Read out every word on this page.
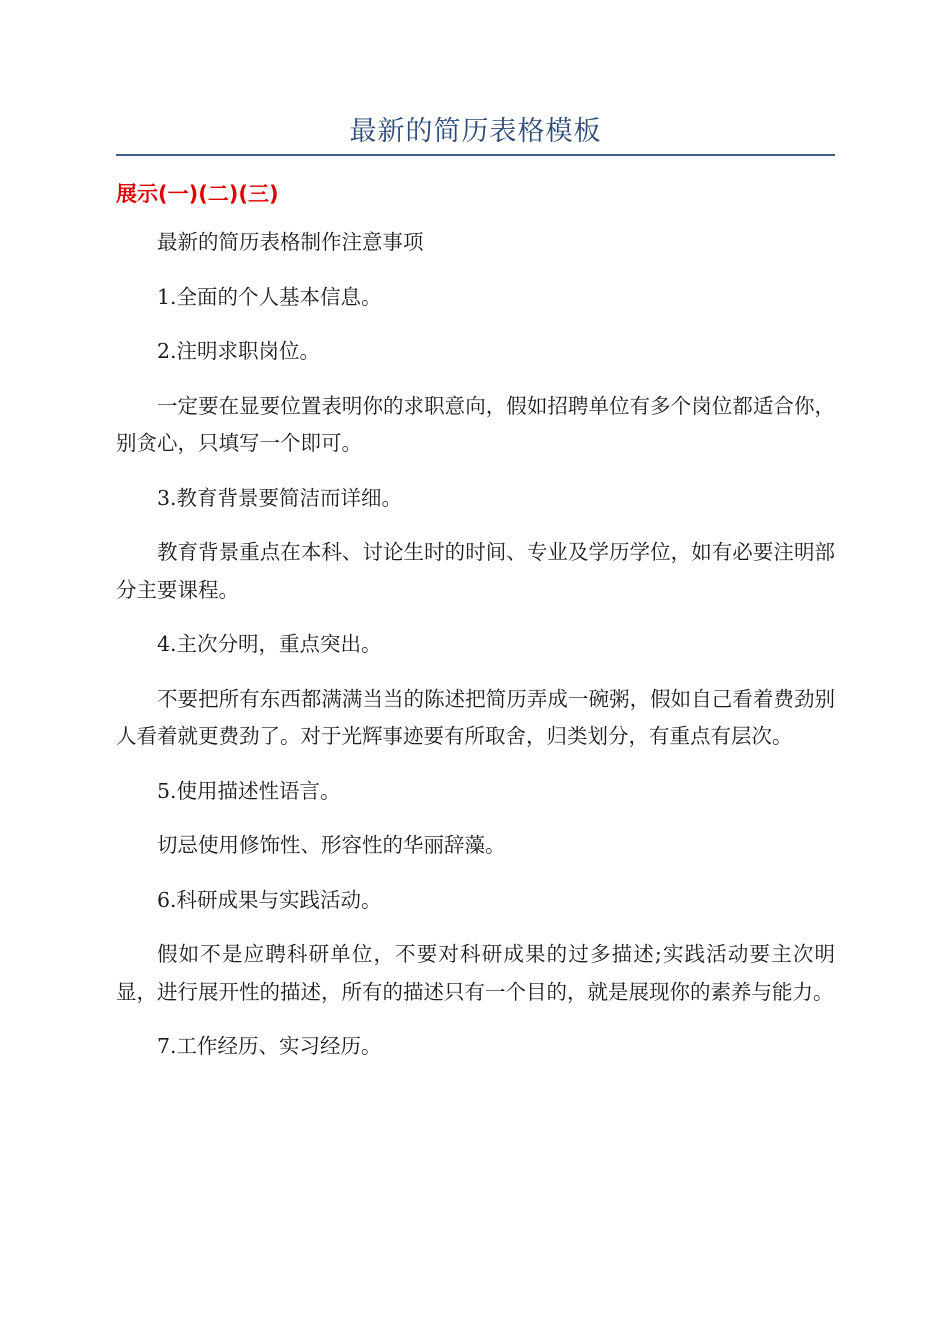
最新的简历表格模板
展示(一)(二)(三)

最新的简历表格制作注意事项

1.全面的个人基本信息。

2.注明求职岗位。

一定要在显要位置表明你的求职意向，假如招聘单位有多个岗位都适合你，别贪心，只填写一个即可。

3.教育背景要简洁而详细。

教育背景重点在本科、讨论生时的时间、专业及学历学位，如有必要注明部分主要课程。

4.主次分明，重点突出。

不要把所有东西都满满当当的陈述把简历弄成一碗粥，假如自己看着费劲别人看着就更费劲了。对于光辉事迹要有所取舍，归类划分，有重点有层次。

5.使用描述性语言。

切忌使用修饰性、形容性的华丽辞藻。

6.科研成果与实践活动。

假如不是应聘科研单位，不要对科研成果的过多描述;实践活动要主次明显，进行展开性的描述，所有的描述只有一个目的，就是展现你的素养与能力。

7.工作经历、实习经历。
